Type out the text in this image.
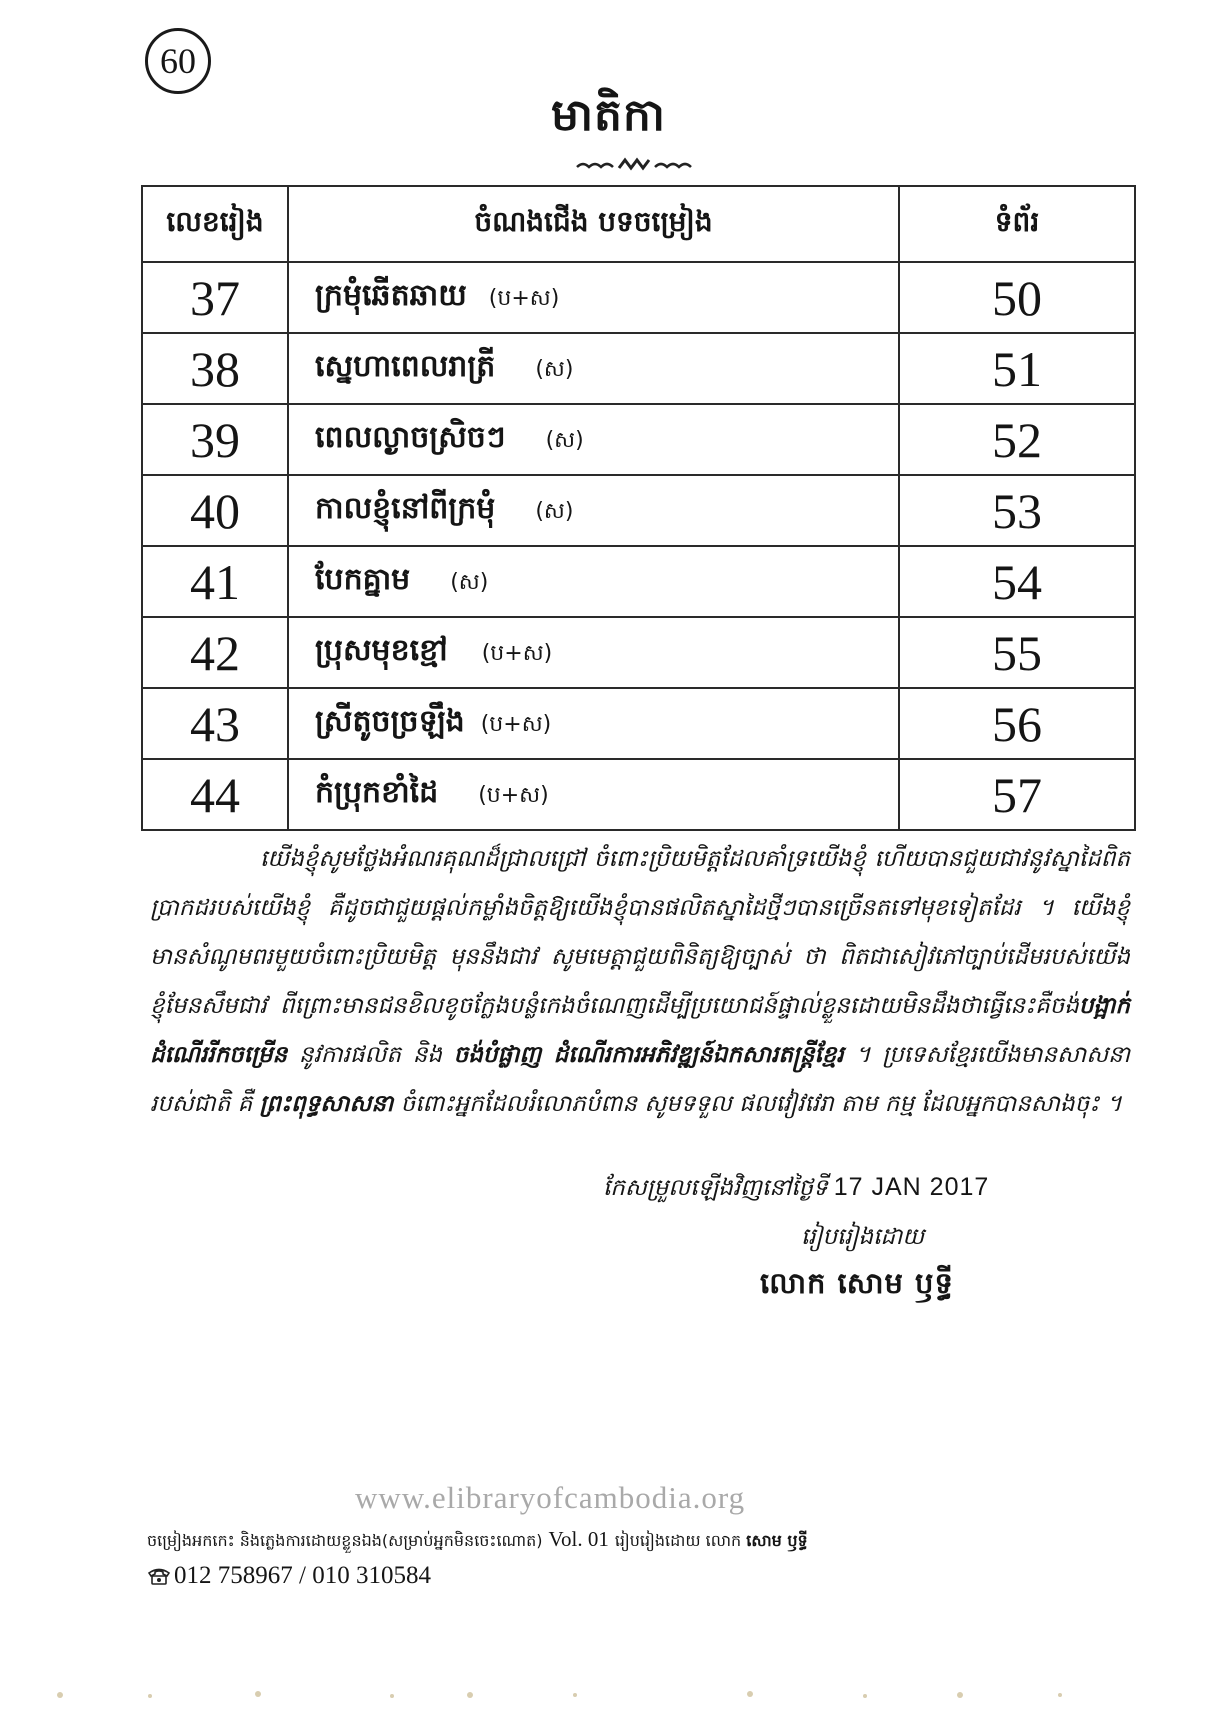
60
មាតិកា
លេខរៀង	ចំណងជើង បទចម្រៀង	ទំព័រ
37	ក្រមុំឆើតឆាយ (ប+ស)	50
38	ស្នេហាពេលរាត្រី (ស)	51
39	ពេលល្ងាចស្រិចៗ (ស)	52
40	កាលខ្ញុំនៅពីក្រមុំ (ស)	53
41	បែកគ្នាម (ស)	54
42	ប្រុសមុខខ្មៅ (ប+ស)	55
43	ស្រីតូចច្រឡឹង (ប+ស)	56
44	កំប្រុកខាំដៃ (ប+ស)	57
យើងខ្ញុំសូមថ្លែងអំណរគុណដ៏ជ្រាលជ្រៅ ចំពោះប្រិយមិត្តដែលគាំទ្រយើងខ្ញុំ ហើយបានជួយជាវនូវស្នាដៃពិតប្រាកដរបស់យើងខ្ញុំ គឺដូចជាជួយផ្តល់កម្លាំងចិត្តឱ្យយើងខ្ញុំបានផលិតស្នាដៃថ្មីៗបានច្រើនតទៅមុខទៀតដែរ ។ យើងខ្ញុំមានសំណូមពរមួយចំពោះប្រិយមិត្ត មុននឹងជាវ សូមមេត្តាជួយពិនិត្យឱ្យច្បាស់ ថា ពិតជាសៀវភៅច្បាប់ដើមរបស់យើងខ្ញុំមែនសឹមជាវ ពីព្រោះមានជនខិលខូចក្លែងបន្លំកេងចំណេញដើម្បីប្រយោជន៍ផ្ទាល់ខ្លួនដោយមិនដឹងថាធ្វើនេះគឺចង់បង្អាក់ដំណើររីកចម្រើន នូវការផលិត និង ចង់បំផ្លាញ ដំណើរការអភិវឌ្ឍន៍ឯកសារតន្ត្រីខ្មែរ ។ ប្រទេសខ្មែរយើងមានសាសនារបស់ជាតិ គឺ ព្រះពុទ្ធសាសនា ចំពោះអ្នកដែលរំលោភបំពាន សូមទទួល ផលវៀវវេរា តាម កម្ម ដែលអ្នកបានសាងចុះ ។
កែសម្រួលឡើងវិញនៅថ្ងៃទី 17 JAN 2017
រៀបរៀងដោយ
លោក សោម ឫទ្ធី
www.elibraryofcambodia.org
ចម្រៀងអកកេះ និងភ្លេងការដោយខ្លួនឯង(សម្រាប់អ្នកមិនចេះណោត) Vol. 01 រៀបរៀងដោយ លោក សោម ឫទ្ធី
012 758967 / 010 310584
